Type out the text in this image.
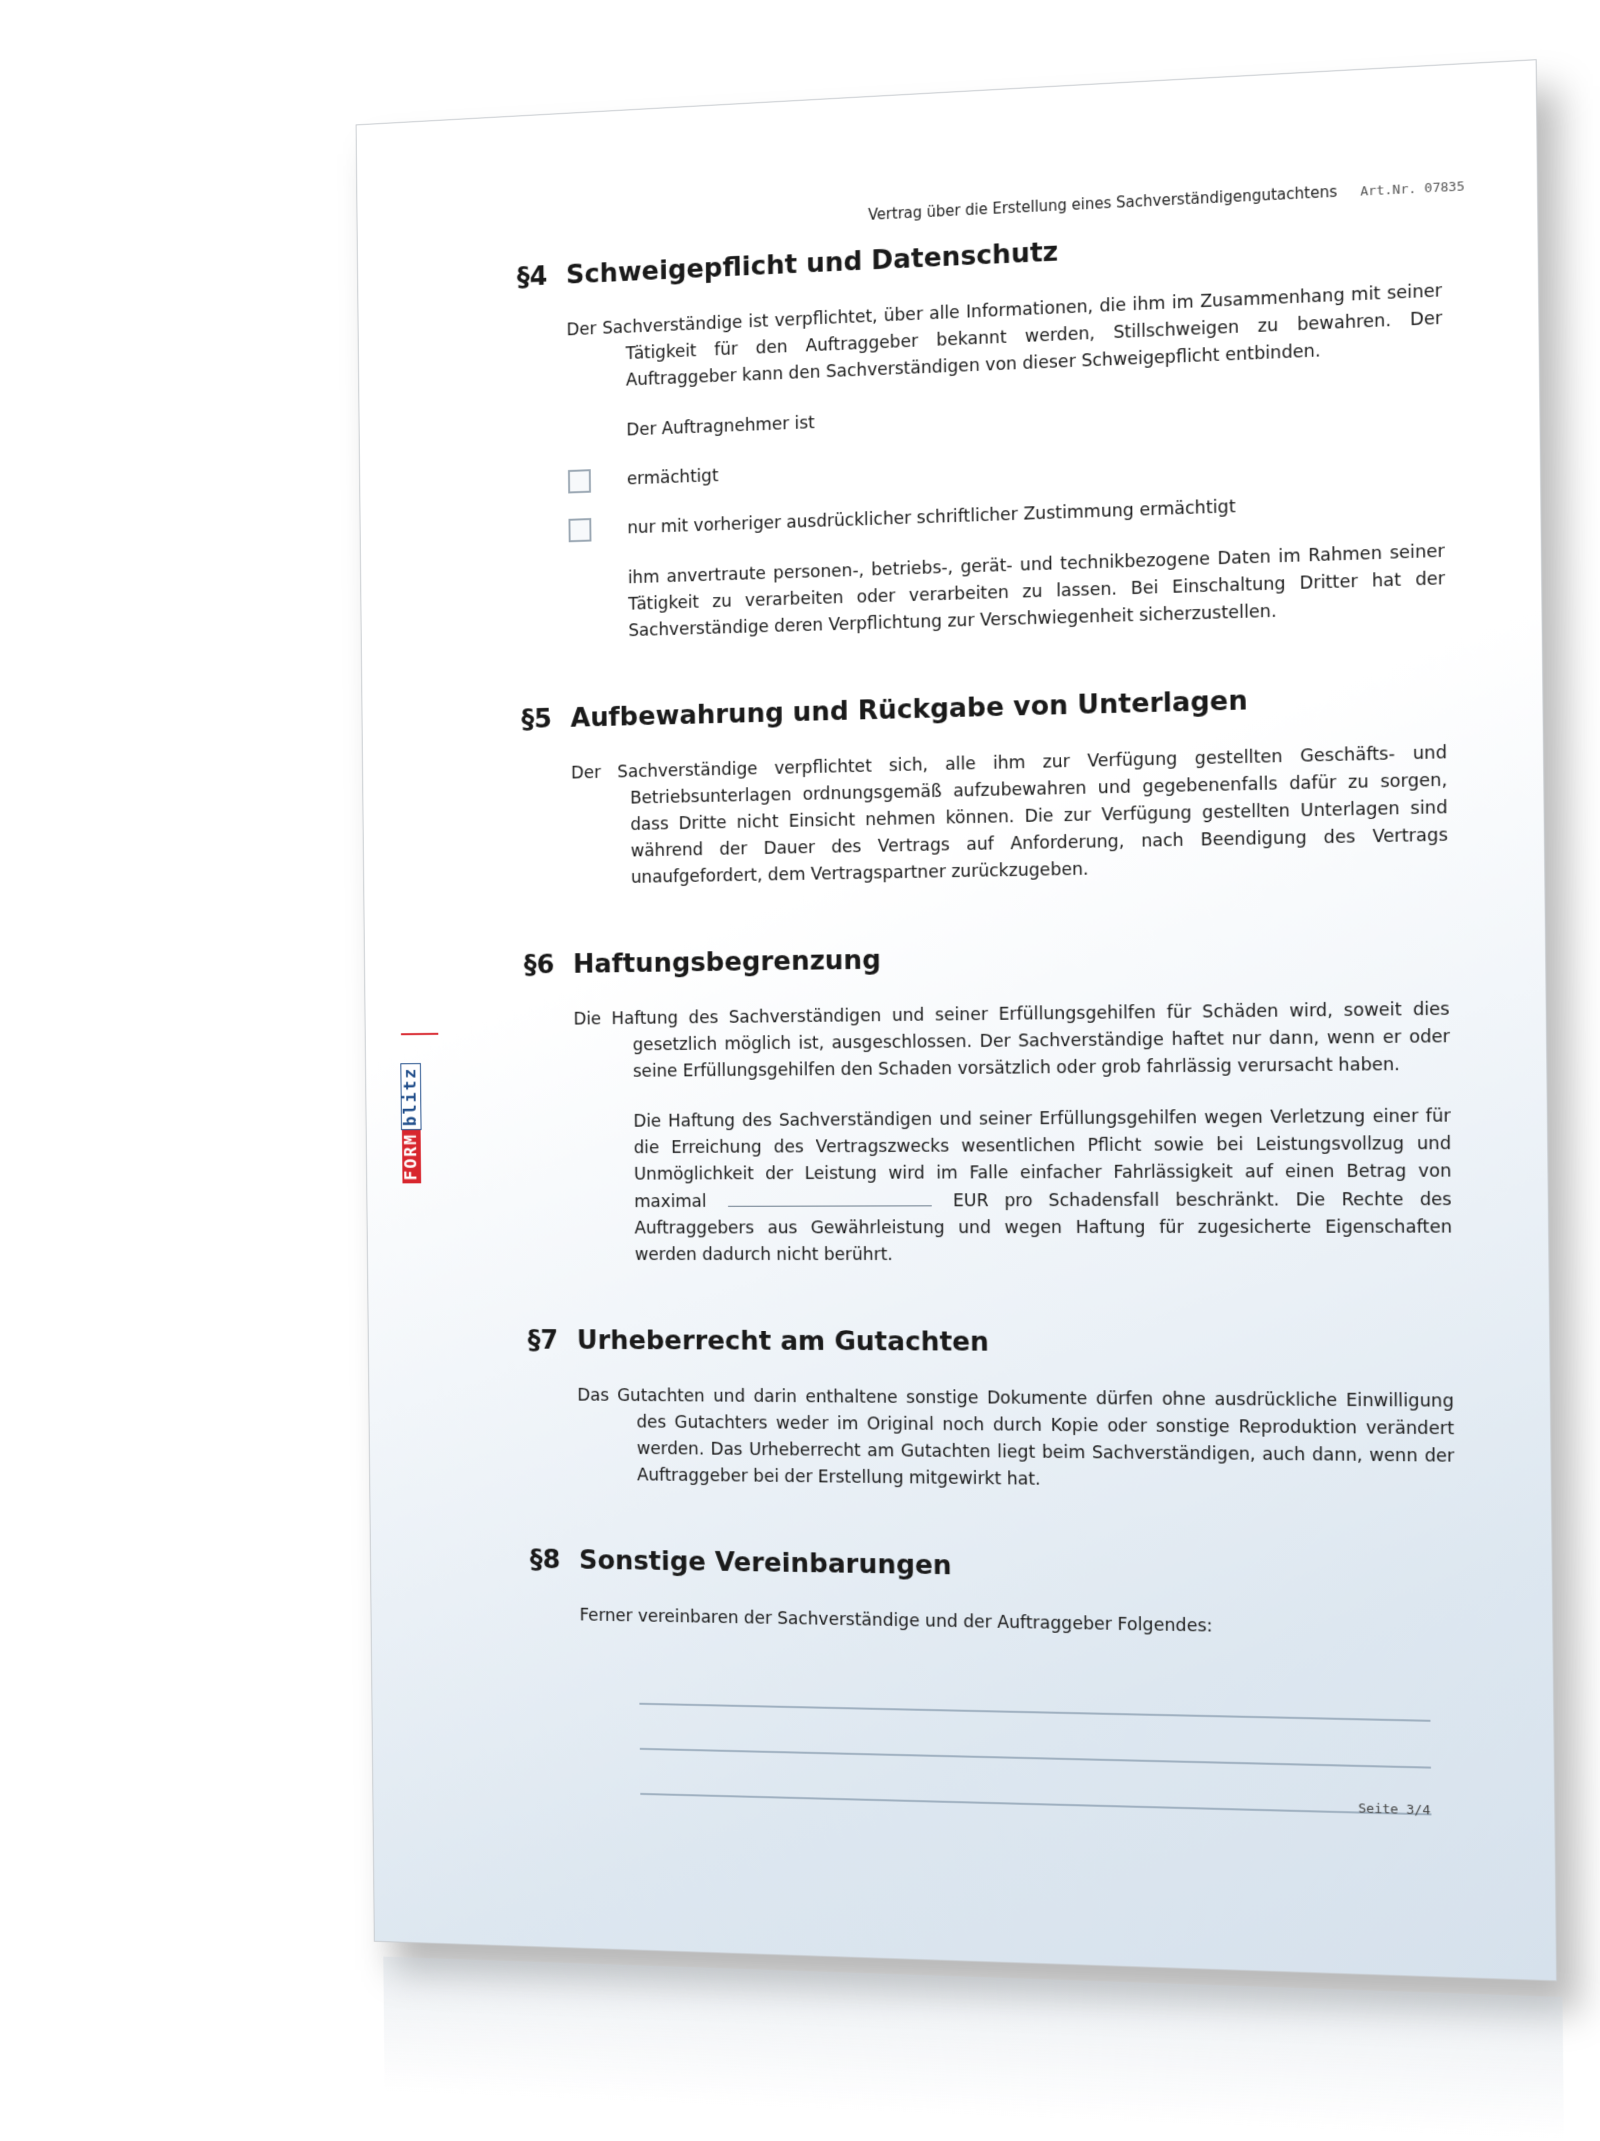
Vertrag über die Erstellung eines Sachverständigengutachtens Art.Nr. 07835
FORMblitz
§4 Schweigepflicht und Datenschutz
Der Sachverständige ist verpflichtet, über alle Informationen, die ihm im Zusammenhang mit seiner Tätigkeit für den Auftraggeber bekannt werden, Stillschweigen zu bewahren. Der Auftraggeber kann den Sachverständigen von dieser Schweigepflicht entbinden.
Der Auftragnehmer ist
ermächtigt
nur mit vorheriger ausdrücklicher schriftlicher Zustimmung ermächtigt
ihm anvertraute personen-, betriebs-, gerät- und technikbezogene Daten im Rahmen seiner Tätigkeit zu verarbeiten oder verarbeiten zu lassen. Bei Einschaltung Dritter hat der Sachverständige deren Verpflichtung zur Verschwiegenheit sicherzustellen.
§5 Aufbewahrung und Rückgabe von Unterlagen
Der Sachverständige verpflichtet sich, alle ihm zur Verfügung gestellten Geschäfts- und Betriebsunterlagen ordnungsgemäß aufzubewahren und gegebenenfalls dafür zu sorgen, dass Dritte nicht Einsicht nehmen können. Die zur Verfügung gestellten Unterlagen sind während der Dauer des Vertrags auf Anforderung, nach Beendigung des Vertrags unaufgefordert, dem Vertragspartner zurückzugeben.
§6 Haftungsbegrenzung
Die Haftung des Sachverständigen und seiner Erfüllungsgehilfen für Schäden wird, soweit dies gesetzlich möglich ist, ausgeschlossen. Der Sachverständige haftet nur dann, wenn er oder seine Erfüllungsgehilfen den Schaden vorsätzlich oder grob fahrlässig verursacht haben.
Die Haftung des Sachverständigen und seiner Erfüllungsgehilfen wegen Verletzung einer für die Erreichung des Vertragszwecks wesentlichen Pflicht sowie bei Leistungsvollzug und Unmöglichkeit der Leistung wird im Falle einfacher Fahrlässigkeit auf einen Betrag von maximal	EUR pro Schadensfall beschränkt. Die Rechte des Auftraggebers aus Gewährleistung und wegen Haftung für zugesicherte Eigenschaften werden dadurch nicht berührt.
§7 Urheberrecht am Gutachten
Das Gutachten und darin enthaltene sonstige Dokumente dürfen ohne ausdrückliche Einwilligung des Gutachters weder im Original noch durch Kopie oder sonstige Reproduktion verändert werden. Das Urheberrecht am Gutachten liegt beim Sachverständigen, auch dann, wenn der Auftraggeber bei der Erstellung mitgewirkt hat.
§8 Sonstige Vereinbarungen
Ferner vereinbaren der Sachverständige und der Auftraggeber Folgendes:
Seite 3/4
